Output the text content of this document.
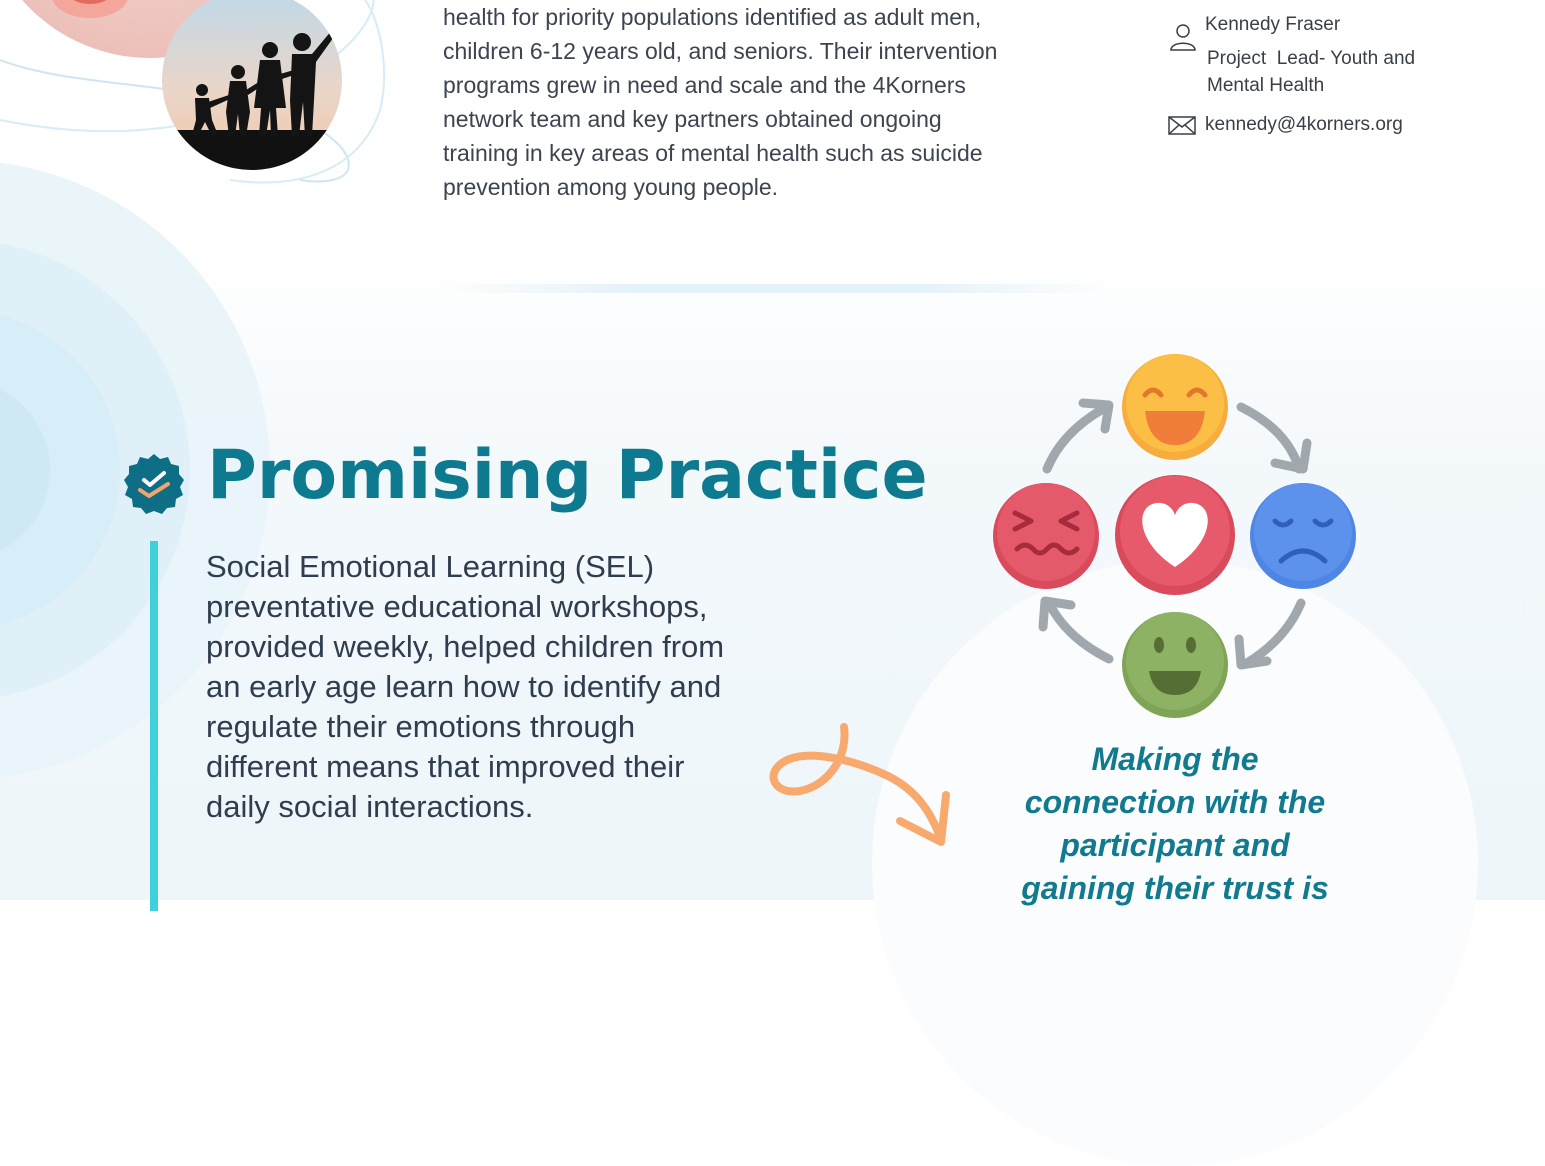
health for priority populations identified as adult men,
children 6-12 years old, and seniors. Their intervention
programs grew in need and scale and the 4Korners
network team and key partners obtained ongoing
training in key areas of mental health such as suicide
prevention among young people.
Kennedy Fraser
Project  Lead- Youth and
Mental Health
kennedy@4korners.org
Promising Practice
Social Emotional Learning (SEL)
preventative educational workshops,
provided weekly, helped children from
an early age learn how to identify and
regulate their emotions through
different means that improved their
daily social interactions.
Making the
connection with the
participant and
gaining their trust is
